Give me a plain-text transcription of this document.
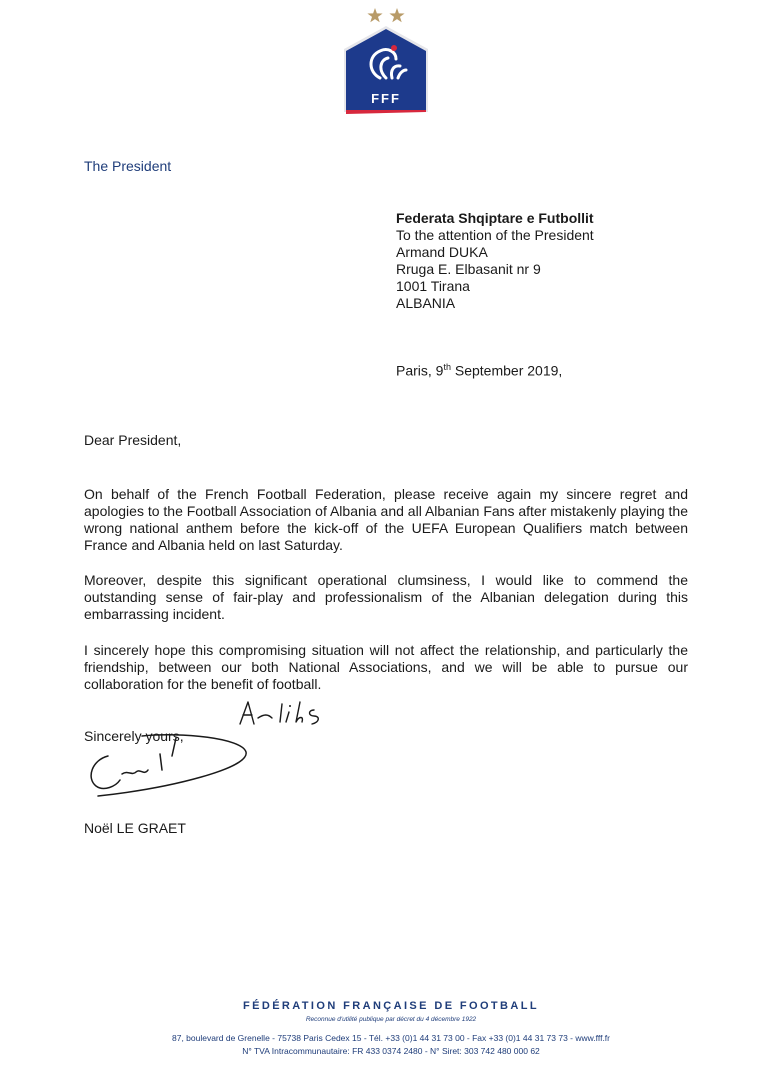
FFF
The President
Federata Shqiptare e Futbollit
To the attention of the President
Armand DUKA
Rruga E. Elbasanit nr 9
1001 Tirana
ALBANIA
Paris, 9th September 2019,
Dear President,

On behalf of the French Football Federation, please receive again my sincere regret and apologies to the Football Association of Albania and all Albanian Fans after mistakenly playing the wrong national anthem before the kick-off of the UEFA European Qualifiers match between France and Albania held on last Saturday.

Moreover, despite this significant operational clumsiness, I would like to commend the outstanding sense of fair-play and professionalism of the Albanian delegation during this embarrassing incident.

I sincerely hope this compromising situation will not affect the relationship, and particularly the friendship, between our both National Associations, and we will be able to pursue our collaboration for the benefit of football.

Sincerely yours,
Noël LE GRAET
FÉDÉRATION FRANÇAISE DE FOOTBALL
Reconnue d'utilité publique par décret du 4 décembre 1922
87, boulevard de Grenelle - 75738 Paris Cedex 15 - Tél. +33 (0)1 44 31 73 00 - Fax +33 (0)1 44 31 73 73 - www.fff.fr
N° TVA Intracommunautaire: FR 433 0374 2480 - N° Siret: 303 742 480 000 62
